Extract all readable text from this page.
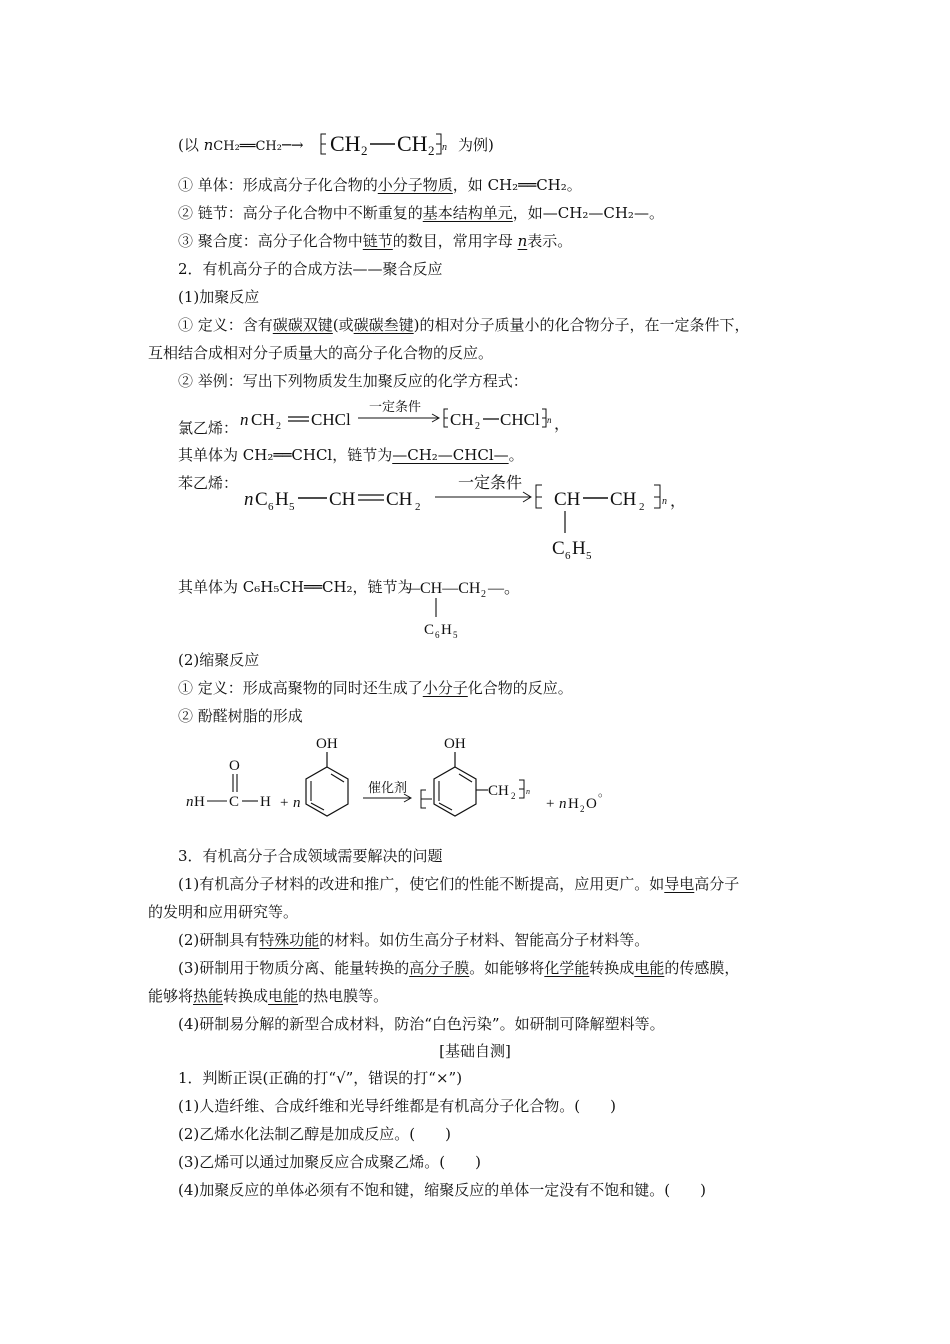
(以 nCH₂══CH₂─→ CH 2 CH 2 n 为例)
① 单体：形成高分子化合物的小分子物质，如 CH₂══CH₂。
② 链节：高分子化合物中不断重复的基本结构单元，如—CH₂—CH₂—。
③ 聚合度：高分子化合物中链节的数目，常用字母 n表示。
2．有机高分子的合成方法——聚合反应
(1)加聚反应
① 定义：含有碳碳双键(或碳碳叁键)的相对分子质量小的化合物分子，在一定条件下，
互相结合成相对分子质量大的高分子化合物的反应。
② 举例：写出下列物质发生加聚反应的化学方程式：
氯乙烯： n CH 2 CHCl
一定条件
CH 2 CHCl n ，
其单体为 CH₂══CHCl，链节为—CH₂—CHCl—。
苯乙烯：
n C 6 H 5 CH CH 2
一定条件
CH CH 2 n ，
C 6 H 5
其单体为 C₆H₅CH══CH₂，链节为
—CH—CH 2 —。
C 6 H 5
(2)缩聚反应
① 定义：形成高聚物的同时还生成了小分子化合物的反应。
② 酚醛树脂的形成
n H C H
O
+ n
OH
催化剂
OH
CH 2 n
+ n H 2 O
。
3．有机高分子合成领域需要解决的问题
(1)有机高分子材料的改进和推广，使它们的性能不断提高，应用更广。如导电高分子
的发明和应用研究等。
(2)研制具有特殊功能的材料。如仿生高分子材料、智能高分子材料等。
(3)研制用于物质分离、能量转换的高分子膜。如能够将化学能转换成电能的传感膜，
能够将热能转换成电能的热电膜等。
(4)研制易分解的新型合成材料，防治“白色污染”。如研制可降解塑料等。
[基础自测]
1．判断正误(正确的打“√”，错误的打“×”)
(1)人造纤维、合成纤维和光导纤维都是有机高分子化合物。(　　)
(2)乙烯水化法制乙醇是加成反应。(　　)
(3)乙烯可以通过加聚反应合成聚乙烯。(　　)
(4)加聚反应的单体必须有不饱和键，缩聚反应的单体一定没有不饱和键。(　　)
